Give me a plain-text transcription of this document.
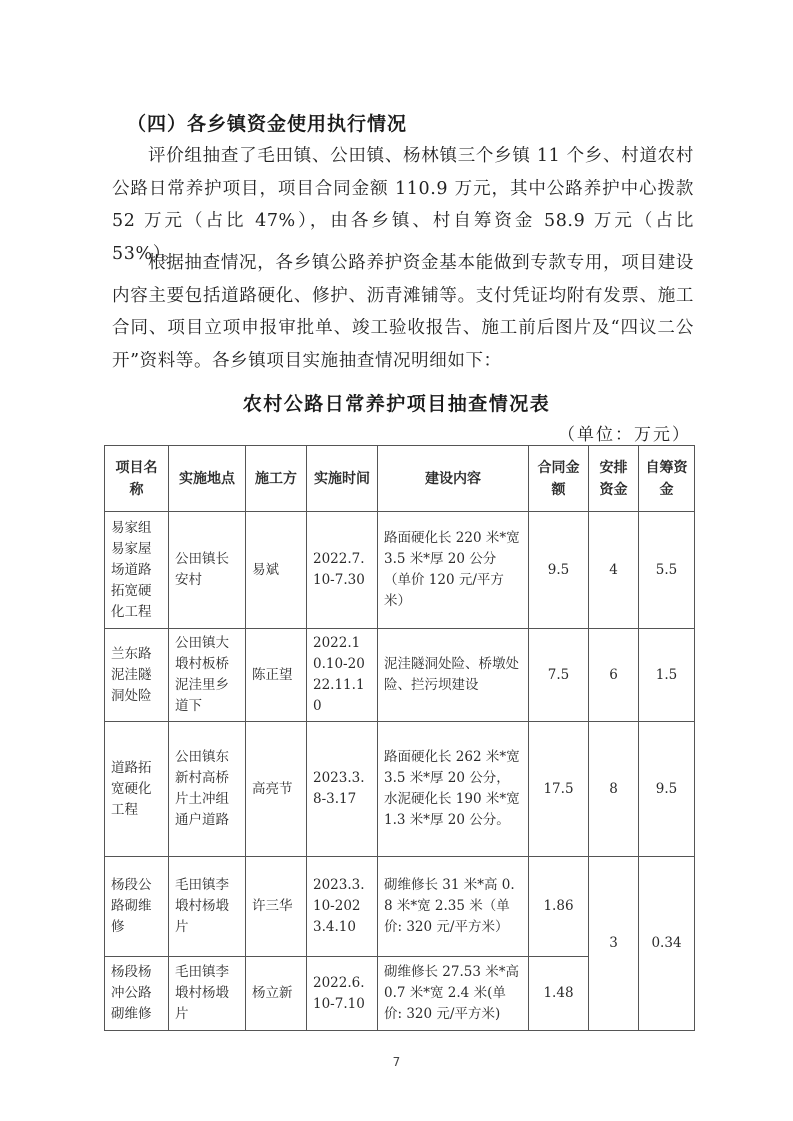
（四）各乡镇资金使用执行情况
评价组抽查了毛田镇、公田镇、杨林镇三个乡镇 11 个乡、村道农村公路日常养护项目，项目合同金额 110.9 万元，其中公路养护中心拨款 52 万元（占比 47%），由各乡镇、村自筹资金 58.9 万元（占比 53%）。
根据抽查情况，各乡镇公路养护资金基本能做到专款专用，项目建设内容主要包括道路硬化、修护、沥青滩铺等。支付凭证均附有发票、施工合同、项目立项申报审批单、竣工验收报告、施工前后图片及“四议二公开”资料等。各乡镇项目实施抽查情况明细如下：
农村公路日常养护项目抽查情况表
（单位：万元）
项目名称	实施地点	施工方	实施时间	建设内容	合同金额	安排资金	自筹资金
易家组易家屋场道路拓宽硬化工程	公田镇长安村	易斌	2022.7.10-7.30	路面硬化长 220 米*宽 3.5 米*厚 20 公分（单价 120 元/平方米）	9.5	4	5.5
兰东路泥洼隧洞处险	公田镇大塅村板桥泥洼里乡道下	陈正望	2022.10.10-2022.11.10	泥洼隧洞处险、桥墩处险、拦污坝建设	7.5	6	1.5
道路拓宽硬化工程	公田镇东新村高桥片土冲组通户道路	高亮节	2023.3.8-3.17	路面硬化长 262 米*宽 3.5 米*厚 20 公分， 水泥硬化长 190 米*宽 1.3 米*厚 20 公分。	17.5	8	9.5
杨段公路砌维修	毛田镇李塅村杨塅片	许三华	2023.3.10-2023.4.10	砌维修长 31 米*高 0.8 米*宽 2.35 米（单价: 320 元/平方米）	1.86	3	0.34
杨段杨冲公路砌维修	毛田镇李塅村杨塅片	杨立新	2022.6.10-7.10	砌维修长 27.53 米*高 0.7 米*宽 2.4 米(单价: 320 元/平方米)	1.48		
7
